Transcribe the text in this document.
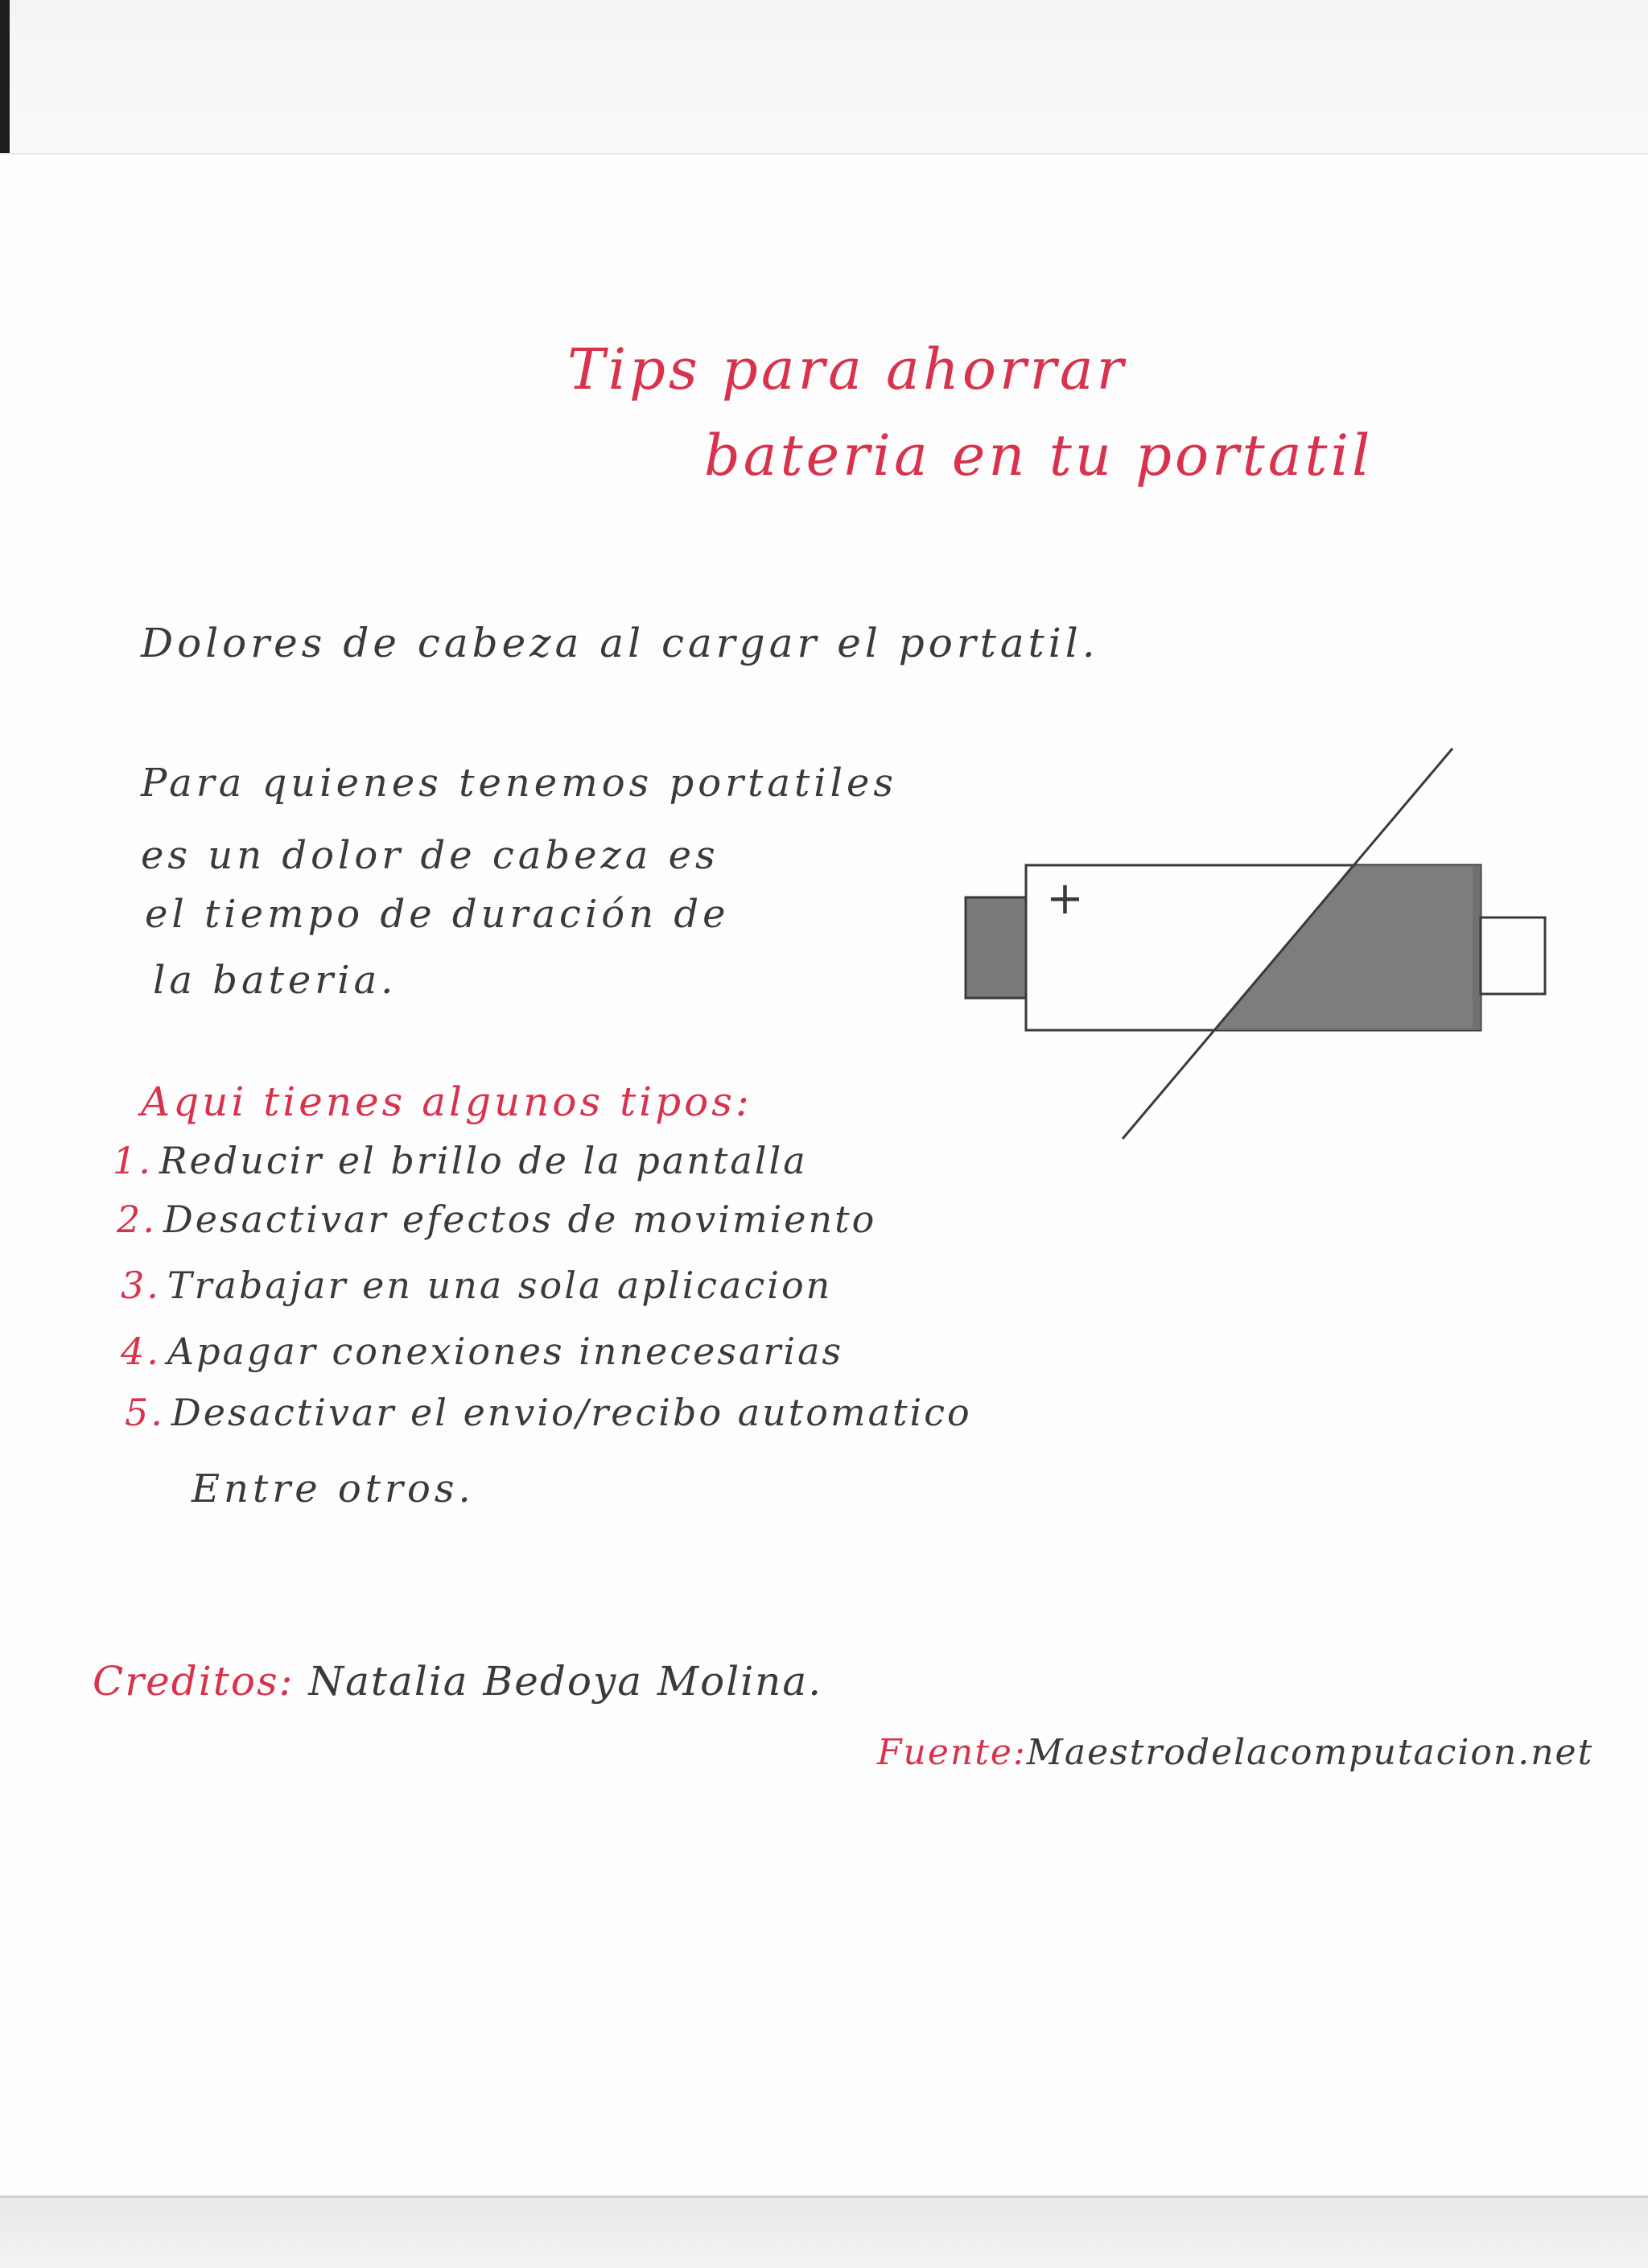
Tips para ahorrar
bateria en tu portatil
Dolores de cabeza al cargar el portatil.
Para quienes tenemos portatiles
es un dolor de cabeza es
el tiempo de duración de
la bateria.
Aqui tienes algunos tipos:
1. Reducir el brillo de la pantalla
2. Desactivar efectos de movimiento
3. Trabajar en una sola aplicacion
4. Apagar conexiones innecesarias
5. Desactivar el envio/recibo automatico
Entre otros.
Creditos: Natalia Bedoya Molina.
Fuente:Maestrodelacomputacion.net
+
